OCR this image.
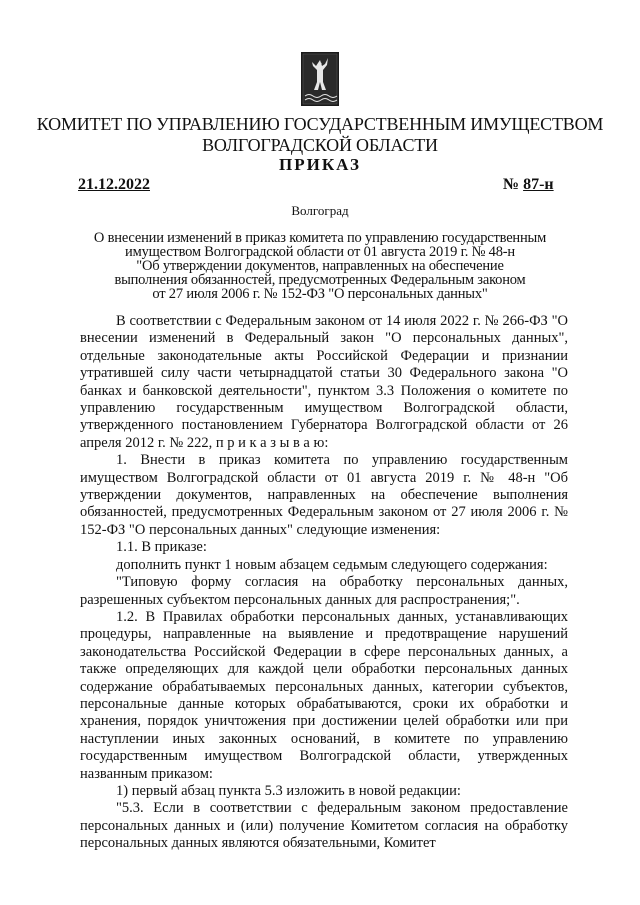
КОМИТЕТ ПО УПРАВЛЕНИЮ ГОСУДАРСТВЕННЫМ ИМУЩЕСТВОМ
ВОЛГОГРАДСКОЙ ОБЛАСТИ
ПРИКАЗ
21.12.2022	№ 87-н
Волгоград
О внесении изменений в приказ комитета по управлению государственным
имуществом Волгоградской области от 01 августа 2019 г. № 48-н
"Об утверждении документов, направленных на обеспечение
выполнения обязанностей, предусмотренных Федеральным законом
от 27 июля 2006 г. № 152-ФЗ "О персональных данных"

В соответствии с Федеральным законом от 14 июля 2022 г. № 266-ФЗ "О внесении изменений в Федеральный закон "О персональных данных", отдельные законодательные акты Российской Федерации и признании утратившей силу части четырнадцатой статьи 30 Федерального закона "О банках и банковской деятельности", пунктом 3.3 Положения о комитете по управлению государственным имуществом Волгоградской области, утвержденного постановлением Губернатора Волгоградской области от 26 апреля 2012 г. № 222, п р и к а з ы в а ю:

1. Внести в приказ комитета по управлению государственным имуществом Волгоградской области от 01 августа 2019 г. № 48-н "Об утверждении документов, направленных на обеспечение выполнения обязанностей, предусмотренных Федеральным законом от 27 июля 2006 г. № 152-ФЗ "О персональных данных" следующие изменения:

1.1. В приказе:

дополнить пункт 1 новым абзацем седьмым следующего содержания:

"Типовую форму согласия на обработку персональных данных, разрешенных субъектом персональных данных для распространения;".

1.2. В Правилах обработки персональных данных, устанавливающих процедуры, направленные на выявление и предотвращение нарушений законодательства Российской Федерации в сфере персональных данных, а также определяющих для каждой цели обработки персональных данных содержание обрабатываемых персональных данных, категории субъектов, персональные данные которых обрабатываются, сроки их обработки и хранения, порядок уничтожения при достижении целей обработки или при наступлении иных законных оснований, в комитете по управлению государственным имуществом Волгоградской области, утвержденных названным приказом:

1) первый абзац пункта 5.3 изложить в новой редакции:

"5.3. Если в соответствии с федеральным законом предоставление персональных данных и (или) получение Комитетом согласия на обработку персональных данных являются обязательными, Комитет
